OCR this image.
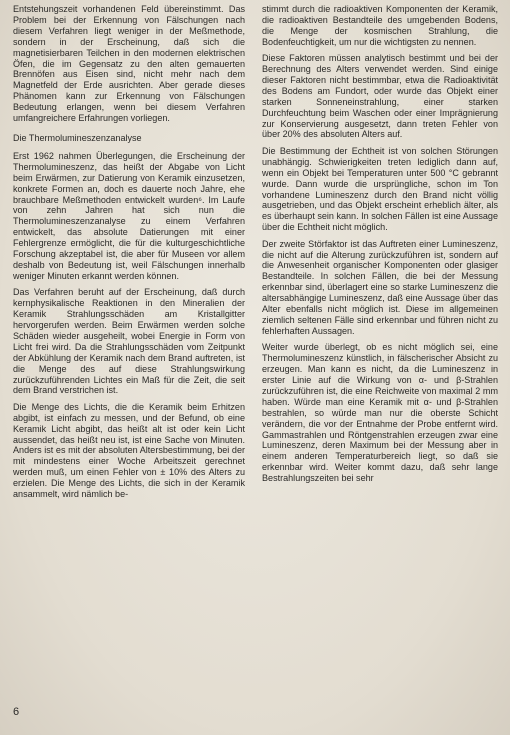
Entstehungszeit vorhandenen Feld übereinstimmt. Das Problem bei der Erkennung von Fälschungen nach diesem Verfahren liegt weniger in der Meßmethode, sondern in der Erscheinung, daß sich die magnetisierbaren Teilchen in den modernen elektrischen Öfen, die im Gegensatz zu den alten gemauerten Brennöfen aus Eisen sind, nicht mehr nach dem Magnetfeld der Erde ausrichten. Aber gerade dieses Phänomen kann zur Erkennung von Fälschungen Bedeutung erlangen, wenn bei diesem Verfahren umfangreichere Erfahrungen vorliegen.

Die Thermolumineszenzanalyse

Erst 1962 nahmen Überlegungen, die Erscheinung der Thermolumineszenz, das heißt der Abgabe von Licht beim Erwärmen, zur Datierung von Keramik einzusetzen, konkrete Formen an, doch es dauerte noch Jahre, ehe brauchbare Meßmethoden entwickelt wurden⁶. Im Laufe von zehn Jahren hat sich nun die Thermolumineszenzanalyse zu einem Verfahren entwickelt, das absolute Datierungen mit einer Fehlergrenze ermöglicht, die für die kulturgeschichtliche Forschung akzeptabel ist, die aber für Museen vor allem deshalb von Bedeutung ist, weil Fälschungen innerhalb weniger Minuten erkannt werden können.

Das Verfahren beruht auf der Erscheinung, daß durch kernphysikalische Reaktionen in den Mineralien der Keramik Strahlungsschäden am Kristallgitter hervorgerufen werden. Beim Erwärmen werden solche Schäden wieder ausgeheilt, wobei Energie in Form von Licht frei wird. Da die Strahlungsschäden vom Zeitpunkt der Abkühlung der Keramik nach dem Brand auftreten, ist die Menge des auf diese Strahlungswirkung zurückzuführenden Lichtes ein Maß für die Zeit, die seit dem Brand verstrichen ist.

Die Menge des Lichts, die die Keramik beim Erhitzen abgibt, ist einfach zu messen, und der Befund, ob eine Keramik Licht abgibt, das heißt alt ist oder kein Licht aussendet, das heißt neu ist, ist eine Sache von Minuten. Anders ist es mit der absoluten Altersbestimmung, bei der mit mindestens einer Woche Arbeitszeit gerechnet werden muß, um einen Fehler von ± 10% des Alters zu erzielen. Die Menge des Lichts, die sich in der Keramik ansammelt, wird nämlich be-

stimmt durch die radioaktiven Komponenten der Keramik, die radioaktiven Bestandteile des umgebenden Bodens, die Menge der kosmischen Strahlung, die Bodenfeuchtigkeit, um nur die wichtigsten zu nennen.

Diese Faktoren müssen analytisch bestimmt und bei der Berechnung des Alters verwendet werden. Sind einige dieser Faktoren nicht bestimmbar, etwa die Radioaktivität des Bodens am Fundort, oder wurde das Objekt einer starken Sonneneinstrahlung, einer starken Durchfeuchtung beim Waschen oder einer Imprägnierung zur Konservierung ausgesetzt, dann treten Fehler von über 20% des absoluten Alters auf.

Die Bestimmung der Echtheit ist von solchen Störungen unabhängig. Schwierigkeiten treten lediglich dann auf, wenn ein Objekt bei Temperaturen unter 500 °C gebrannt wurde. Dann wurde die ursprüngliche, schon im Ton vorhandene Lumineszenz durch den Brand nicht völlig ausgetrieben, und das Objekt erscheint erheblich älter, als es überhaupt sein kann. In solchen Fällen ist eine Aussage über die Echtheit nicht möglich.

Der zweite Störfaktor ist das Auftreten einer Lumineszenz, die nicht auf die Alterung zurückzuführen ist, sondern auf die Anwesenheit organischer Komponenten oder glasiger Bestandteile. In solchen Fällen, die bei der Messung erkennbar sind, überlagert eine so starke Lumineszenz die altersabhängige Lumineszenz, daß eine Aussage über das Alter ebenfalls nicht möglich ist. Diese im allgemeinen ziemlich seltenen Fälle sind erkennbar und führen nicht zu fehlerhaften Aussagen.

Weiter wurde überlegt, ob es nicht möglich sei, eine Thermolumineszenz künstlich, in fälscherischer Absicht zu erzeugen. Man kann es nicht, da die Lumineszenz in erster Linie auf die Wirkung von α- und β-Strahlen zurückzuführen ist, die eine Reichweite von maximal 2 mm haben. Würde man eine Keramik mit α- und β-Strahlen bestrahlen, so würde man nur die oberste Schicht verändern, die vor der Entnahme der Probe entfernt wird. Gammastrahlen und Röntgenstrahlen erzeugen zwar eine Lumineszenz, deren Maximum bei der Messung aber in einem anderen Temperaturbereich liegt, so daß sie erkennbar wird. Weiter kommt dazu, daß sehr lange Bestrahlungszeiten bei sehr

6
